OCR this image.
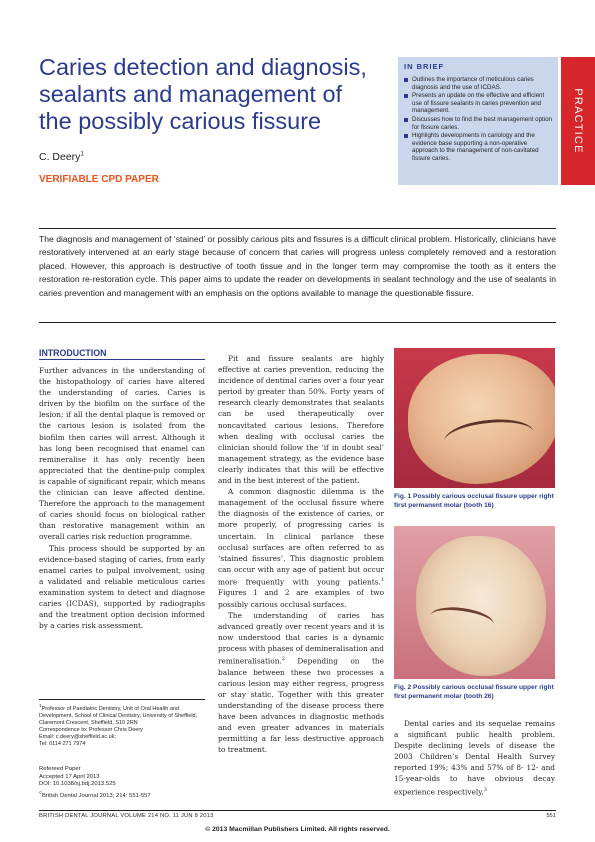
Caries detection and diagnosis, sealants and management of the possibly carious fissure
C. Deery$^1$
VERIFIABLE CPD PAPER
IN BRIEF
Outlines the importance of meticulous caries diagnosis and the use of ICDAS.
Presents an update on the effective and efficient use of fissure sealants in caries prevention and management.
Discusses how to find the best management option for fissure caries.
Highlights developments in cariology and the evidence base supporting a non-operative approach to the management of non-cavitated fissure caries.
PRACTICE

The diagnosis and management of ‘stained’ or possibly carious pits and fissures is a difficult clinical problem. Historically, clinicians have restoratively intervened at an early stage because of concern that caries will progress unless completely removed and a restoration placed. However, this approach is destructive of tooth tissue and in the longer term may compromise the tooth as it enters the restoration re-restoration cycle. This paper aims to update the reader on developments in sealant technology and the use of sealants in caries prevention and management with an emphasis on the options available to manage the questionable fissure.

INTRODUCTION

Further advances in the understanding of the histopathology of caries have altered the understanding of caries. Caries is driven by the biofilm on the surface of the lesion; if all the dental plaque is removed or the carious lesion is isolated from the biofilm then caries will arrest. Although it has long been recognised that enamel can remineralise it has only recently been appreciated that the dentine-pulp complex is capable of significant repair, which means the clinician can leave affected dentine. Therefore the approach to the management of caries should focus on biological rather than restorative management within an overall caries risk reduction programme.

This process should be supported by an evidence-based staging of caries, from early enamel caries to pulpal involvement, using a validated and reliable meticulous caries examination system to detect and diagnose caries (ICDAS), supported by radiographs and the treatment option decision informed by a caries risk assessment.

$^1$Professor of Paediatric Dentistry, Unit of Oral Health and Development, School of Clinical Dentistry, University of Sheffield, Claremont Crescent, Sheffield, S10 2RN
Correspondence to: Professor Chris Deery
Email: c.deery@sheffield.ac.uk;
Tel: 0114 271 7974
Refereed Paper
Accepted 17 April 2013
DOI: 10.1038/sj.bdj.2013.525
©British Dental Journal 2013; 214: 551-557

Pit and fissure sealants are highly effective at caries prevention, reducing the incidence of dentinal caries over a four year period by greater than 50%. Forty years of research clearly demonstrates that sealants can be used therapeutically over noncavitated carious lesions. Therefore when dealing with occlusal caries the clinician should follow the ‘if in doubt seal’ management strategy, as the evidence base clearly indicates that this will be effective and in the best interest of the patient.

A common diagnostic dilemma is the management of the occlusal fissure where the diagnosis of the existence of caries, or more properly, of progressing caries is uncertain. In clinical parlance these occlusal surfaces are often referred to as ‘stained fissures’. This diagnostic problem can occur with any age of patient but occur more frequently with young patients.$^1$ Figures 1 and 2 are examples of two possibly carious occlusal surfaces.

The understanding of caries has advanced greatly over recent years and it is now understood that caries is a dynamic process with phases of demineralisation and remineralisation.$^2$ Depending on the balance between these two processes a carious lesion may either regress, progress or stay static. Together with this greater understanding of the disease process there have been advances in diagnostic methods and even greater advances in materials permitting a far less destructive approach to treatment.

Fig. 1 Possibly carious occlusal fissure upper right first permanent molar (tooth 16)
Fig. 2 Possibly carious occlusal fissure upper right first permanent molar (tooth 26)

Dental caries and its sequelae remains a significant public health problem. Despite declining levels of disease the 2003 Children’s Dental Health Survey reported 19%; 43% and 57% of 8- 12- and 15-year-olds to have obvious decay experience respectively.$^3$

BRITISH DENTAL JOURNAL VOLUME 214 NO. 11 JUN 8 2013	551
© 2013 Macmillan Publishers Limited. All rights reserved.
